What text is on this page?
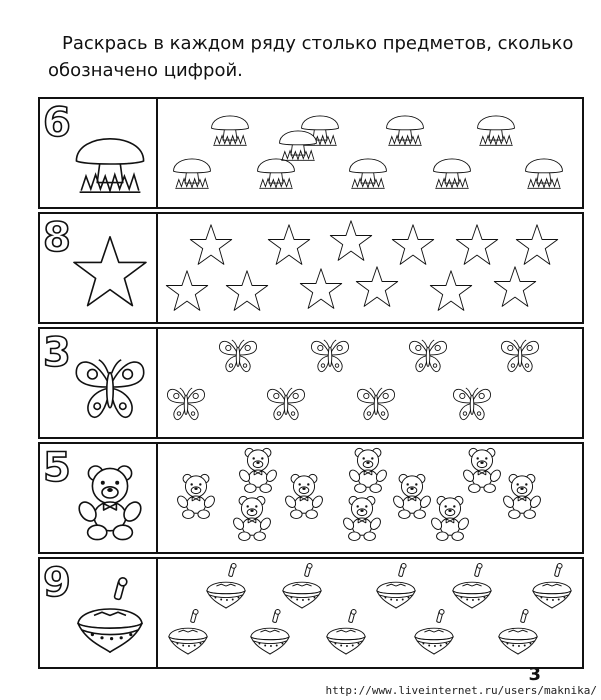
Раскрась в каждом ряду столько предметов, сколько обозначено цифрой.

6
8
3
5
9
3
http://www.liveinternet.ru/users/maknika/
